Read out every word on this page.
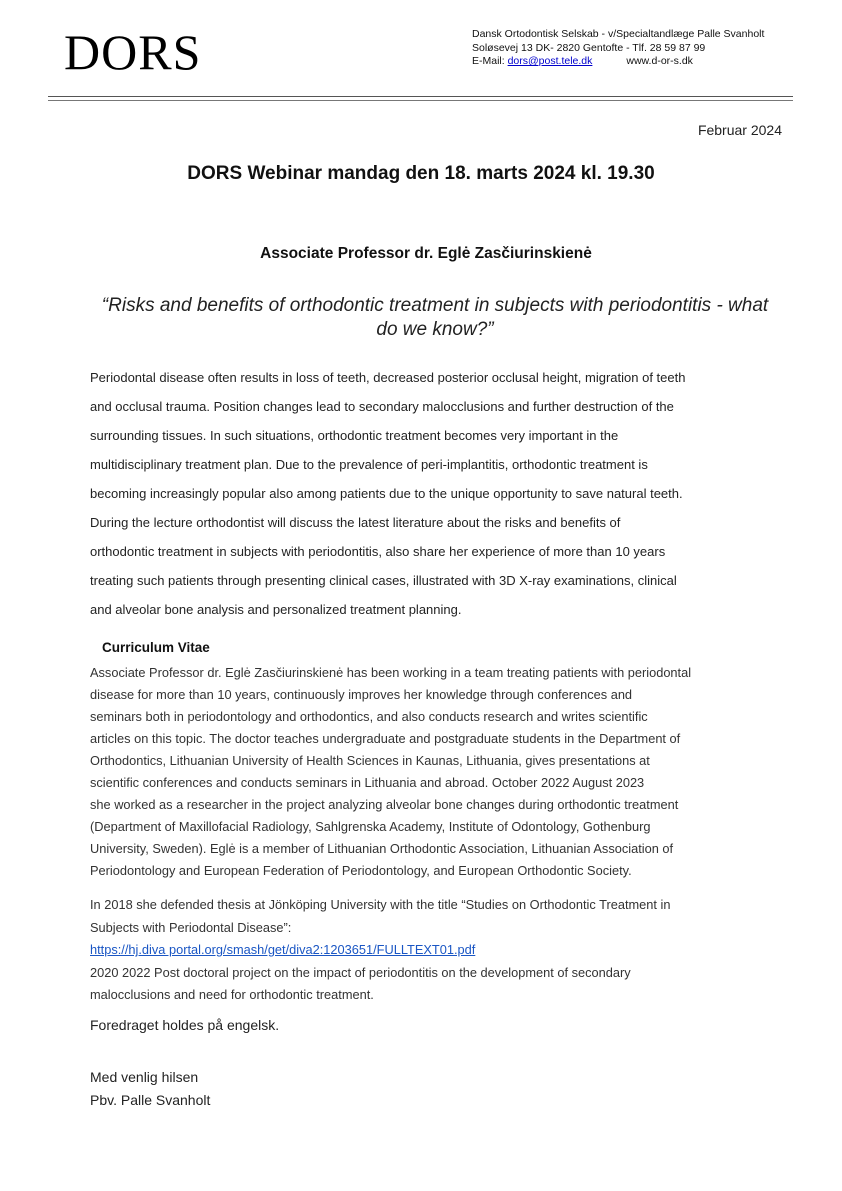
DORS	Dansk Ortodontisk Selskab - v/Specialtandlæge Palle Svanholt
Soløsevej 13 DK- 2820 Gentofte - Tlf. 28 59 87 99
E-Mail: dors@post.tele.dk	www.d-or-s.dk
Februar 2024
DORS Webinar mandag den 18. marts 2024 kl. 19.30
Associate Professor dr. Eglė Zasčiurinskienė
“Risks and benefits of orthodontic treatment in subjects with periodontitis - what do we know?”
Periodontal disease often results in loss of teeth, decreased posterior occlusal height, migration of teeth
and occlusal trauma. Position changes lead to secondary malocclusions and further destruction of the
surrounding tissues. In such situations, orthodontic treatment becomes very important in the
multidisciplinary treatment plan. Due to the prevalence of peri-implantitis, orthodontic treatment is
becoming increasingly popular also among patients due to the unique opportunity to save natural teeth.
During the lecture orthodontist will discuss the latest literature about the risks and benefits of
orthodontic treatment in subjects with periodontitis, also share her experience of more than 10 years
treating such patients through presenting clinical cases, illustrated with 3D X-ray examinations, clinical
and alveolar bone analysis and personalized treatment planning.
Curriculum Vitae
Associate Professor dr. Eglė Zasčiurinskienė has been working in a team treating patients with periodontal
disease for more than 10 years, continuously improves her knowledge through conferences and
seminars both in periodontology and orthodontics, and also conducts research and writes scientific
articles on this topic. The doctor teaches undergraduate and postgraduate students in the Department of
Orthodontics, Lithuanian University of Health Sciences in Kaunas, Lithuania, gives presentations at
scientific conferences and conducts seminars in Lithuania and abroad. October 2022 August 2023
she worked as a researcher in the project analyzing alveolar bone changes during orthodontic treatment
(Department of Maxillofacial Radiology, Sahlgrenska Academy, Institute of Odontology, Gothenburg
University, Sweden). Eglė is a member of Lithuanian Orthodontic Association, Lithuanian Association of
Periodontology and European Federation of Periodontology, and European Orthodontic Society.
In 2018 she defended thesis at Jönköping University with the title “Studies on Orthodontic Treatment in
Subjects with Periodontal Disease”:
https://hj.diva portal.org/smash/get/diva2:1203651/FULLTEXT01.pdf
2020 2022 Post doctoral project on the impact of periodontitis on the development of secondary
malocclusions and need for orthodontic treatment.
Foredraget holdes på engelsk.
Med venlig hilsen
Pbv. Palle Svanholt
